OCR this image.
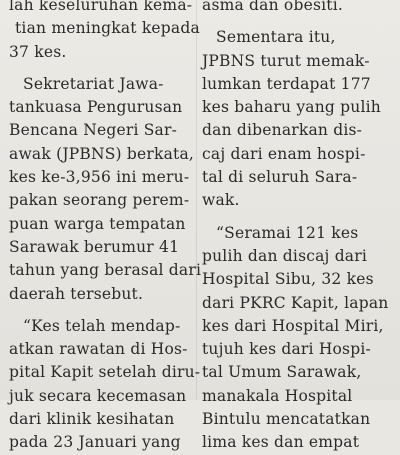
lah keseluruhan kema-
tian meningkat kepada
37 kes.
Sekretariat Jawa-
tankuasa Pengurusan
Bencana Negeri Sar-
awak (JPBNS) berkata,
kes ke-3,956 ini meru-
pakan seorang perem-
puan warga tempatan
Sarawak berumur 41
tahun yang berasal dari
daerah tersebut.
“Kes telah mendap-
atkan rawatan di Hos-
pital Kapit setelah diru-
juk secara kecemasan
dari klinik kesihatan
pada 23 Januari yang
asma dan obesiti.
Sementara itu,
JPBNS turut memak-
lumkan terdapat 177
kes baharu yang pulih
dan dibenarkan dis-
caj dari enam hospi-
tal di seluruh Sara-
wak.
“Seramai 121 kes
pulih dan discaj dari
Hospital Sibu, 32 kes
dari PKRC Kapit, lapan
kes dari Hospital Miri,
tujuh kes dari Hospi-
tal Umum Sarawak,
manakala Hospital
Bintulu mencatatkan
lima kes dan empat
